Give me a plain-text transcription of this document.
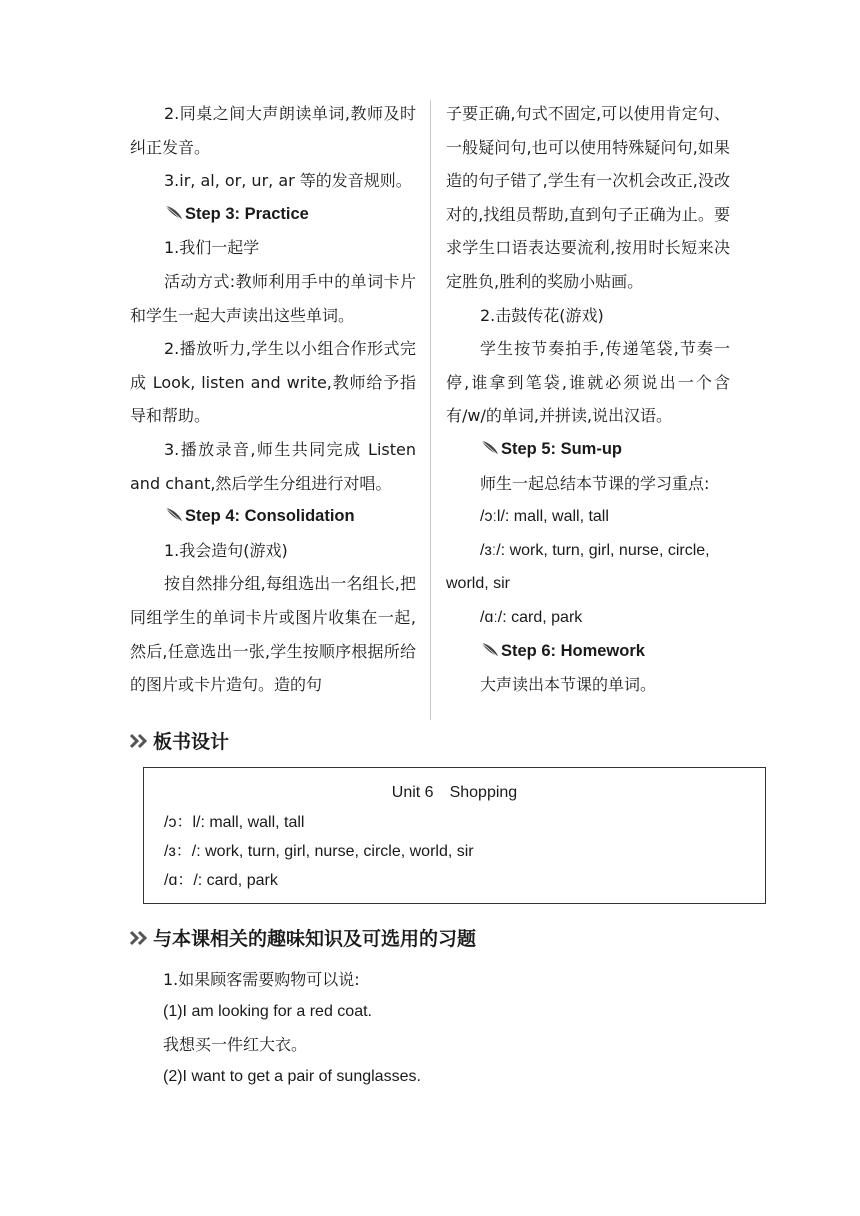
2.同桌之间大声朗读单词,教师及时纠正发音。

3.ir, al, or, ur, ar 等的发音规则。

Step 3: Practice

1.我们一起学

活动方式:教师利用手中的单词卡片和学生一起大声读出这些单词。

2.播放听力,学生以小组合作形式完成 Look, listen and write,教师给予指导和帮助。

3.播放录音,师生共同完成 Listen and chant,然后学生分组进行对唱。

Step 4: Consolidation

1.我会造句(游戏)

按自然排分组,每组选出一名组长,把同组学生的单词卡片或图片收集在一起,然后,任意选出一张,学生按顺序根据所给的图片或卡片造句。造的句

子要正确,句式不固定,可以使用肯定句、一般疑问句,也可以使用特殊疑问句,如果造的句子错了,学生有一次机会改正,没改对的,找组员帮助,直到句子正确为止。要求学生口语表达要流利,按用时长短来决定胜负,胜利的奖励小贴画。

2.击鼓传花(游戏)

学生按节奏拍手,传递笔袋,节奏一停,谁拿到笔袋,谁就必须说出一个含有/w/的单词,并拼读,说出汉语。

Step 5: Sum-up

师生一起总结本节课的学习重点:

/ɔːl/: mall, wall, tall

/ɜː/: work, turn, girl, nurse, circle, world, sir

/ɑː/: card, park

Step 6: Homework

大声读出本节课的单词。

板书设计
Unit 6　Shopping
/ɔ：l/: mall, wall, tall
/ɜ：/: work, turn, girl, nurse, circle, world, sir
/ɑ：/: card, park
与本课相关的趣味知识及可选用的习题

1.如果顾客需要购物可以说:

(1)I am looking for a red coat.

我想买一件红大衣。

(2)I want to get a pair of sunglasses.
